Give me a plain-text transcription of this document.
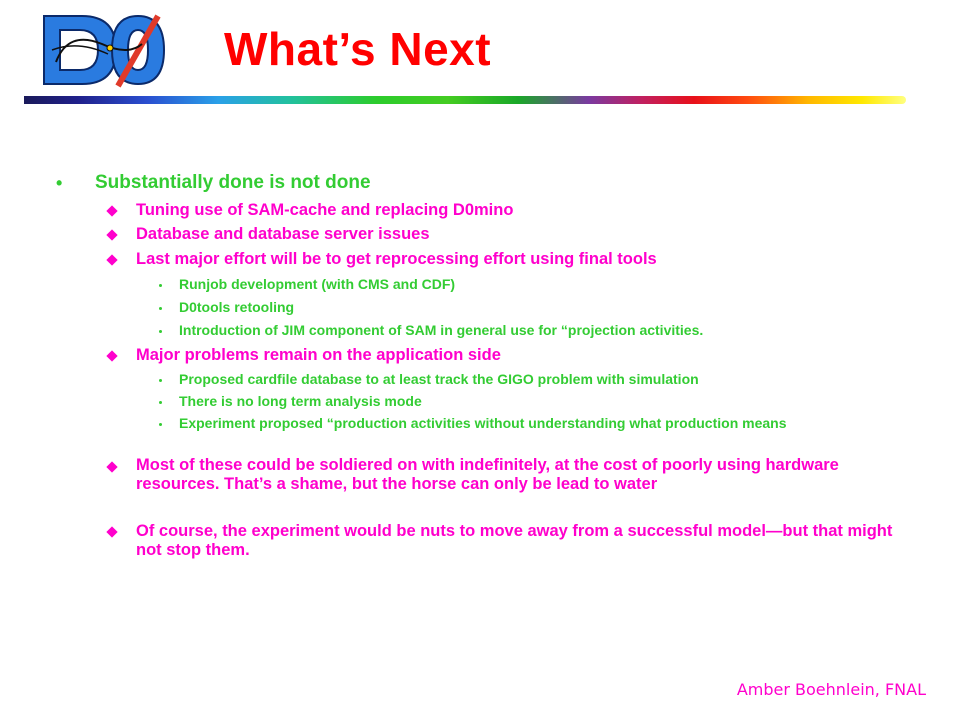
What’s Next
• Substantially done is not done
Tuning use of SAM-cache and replacing D0mino
Database and database server issues
Last major effort will be to get reprocessing effort using final tools
Runjob development (with CMS and CDF)
D0tools retooling
Introduction of JIM component of SAM in general use for “projection activities.
Major problems remain on the application side
Proposed cardfile database to at least track the GIGO problem with simulation
There is no long term analysis mode
Experiment proposed “production activities without understanding what production means
Most of these could be soldiered on with indefinitely, at the cost of poorly using hardware resources. That’s a shame, but the horse can only be lead to water
Of course, the experiment would be nuts to move away from a successful model—but that might not stop them.
Amber Boehnlein, FNAL
